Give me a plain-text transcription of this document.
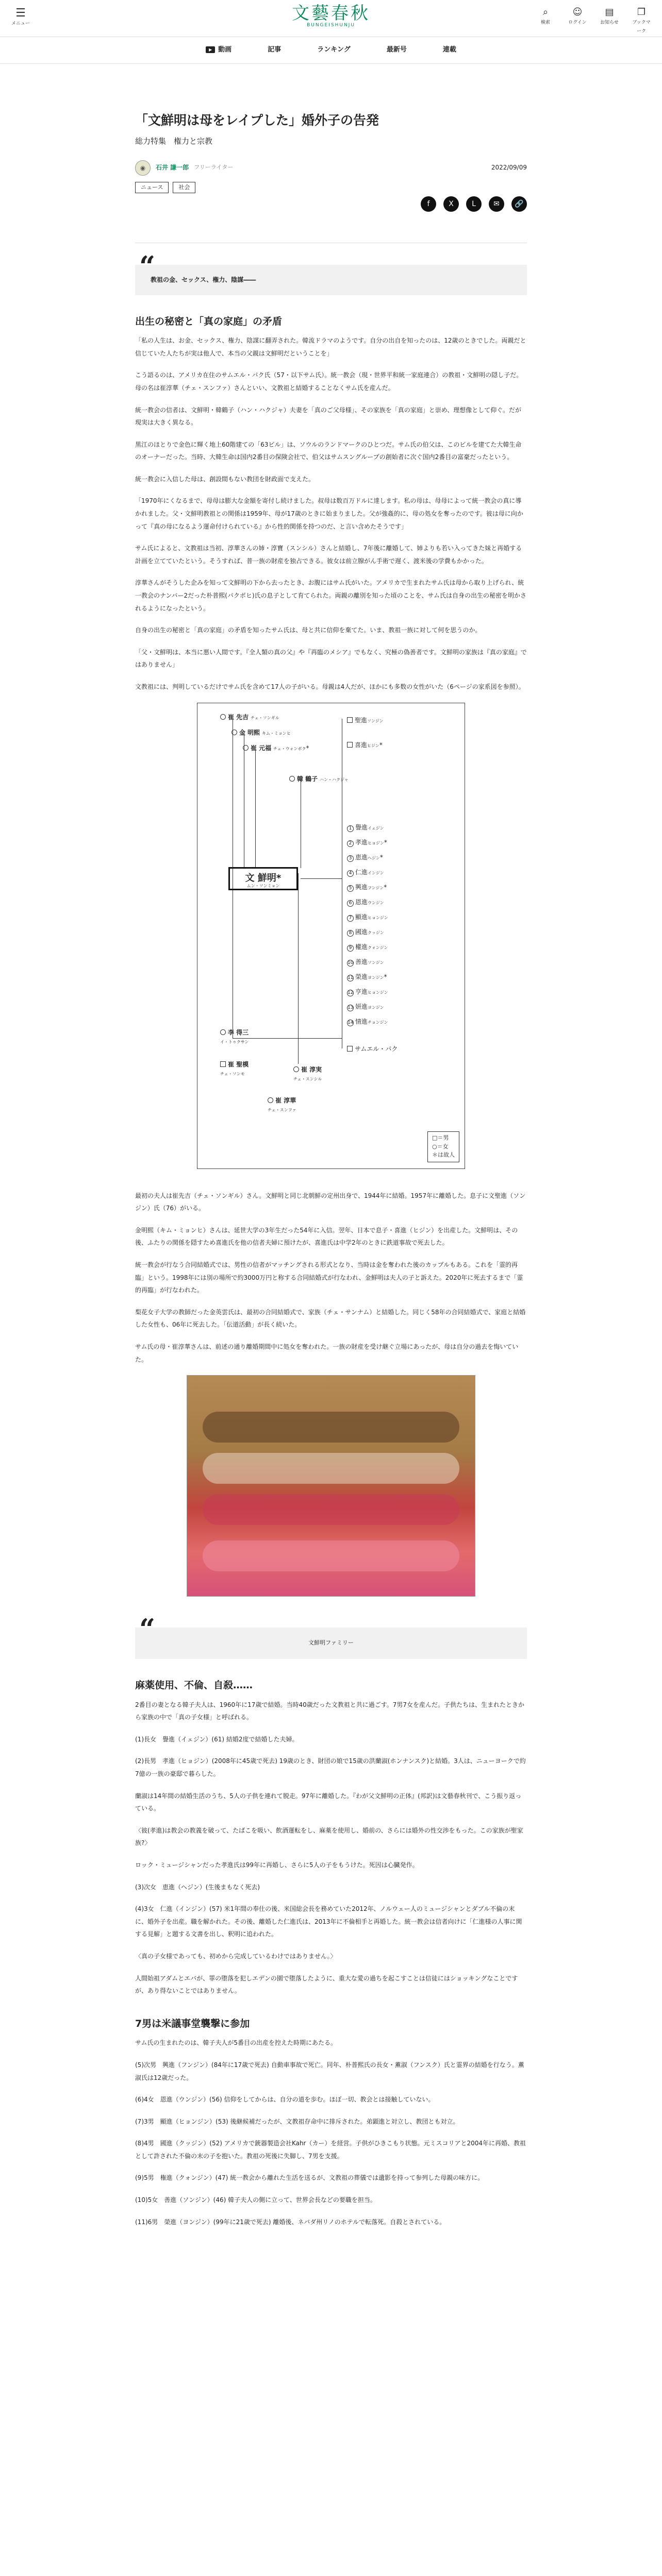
☰
メニュー	文藝春秋
BUNGEISHUNJU
⌕
検索
☺
ログイン
▤
お知らせ
❐
ブックマーク
▶ 動画	記事	ランキング	最新号	連載
「文鮮明は母をレイプした」婚外子の告発
総力特集　権力と宗教
◉	石井 謙一郎 フリーライター	2022/09/09
ニュース	社会
f	X	L	✉	🔗
“

教祖の金、セックス、権力、陰謀――

出生の秘密と「真の家庭」の矛盾

「私の人生は、お金、セックス、権力、陰謀に翻弄された。韓流ドラマのようです。自分の出自を知ったのは、12歳のときでした。両親だと信じていた人たちが実は他人で、本当の父親は文鮮明だということを」

こう語るのは、アメリカ在住のサムエル・パク氏（57・以下サム氏）。統一教会（現・世界平和統一家庭連合）の教祖・文鮮明の隠し子だ。母の名は崔淳華（チェ・スンファ）さんといい、文教祖と結婚することなくサム氏を産んだ。

統一教会の信者は、文鮮明・韓鶴子（ハン・ハクジャ）夫妻を「真のご父母様」、その家族を「真の家庭」と崇め、理想像として仰ぐ。だが現実は大きく異なる。

黒江のほとりで金色に輝く地上60階建ての「63ビル」は、ソウルのランドマークのひとつだ。サム氏の伯父は、このビルを建てた大韓生命のオーナーだった。当時、大韓生命は国内2番目の保険会社で、伯父はサムスングループの創始者に次ぐ国内2番目の富豪だったという。

統一教会に入信した母は、創設間もない教団を財政面で支えた。

「1970年にくなるまで、母母は膨大な金額を寄付し続けました。叔母は数百万ドルに達します。私の母は、母母によって統一教会の真に導かれました。父・文鮮明教祖との関係は1959年、母が17歳のときに始まりました。父が強姦的に、母の処女を奪ったのです。彼は母に向かって『真の母になるよう運命付けられている』から性的関係を持つのだ、と言い含めたそうです」

サム氏によると、文教祖は当初、淳華さんの姉・淳寶（スンシル）さんと結婚し、7年後に離婚して、姉よりも若い入ってきた妹と再婚する計画を立てていたという。そうすれば、普一族の財産を独占できる。彼女は前立腺がん手術で遅く、渡米後の学費もかかった。

淳華さんがそうした企みを知って文鮮明の下から去ったとき、お腹にはサム氏がいた。アメリカで生まれたサム氏は母から取り上げられ、統一教会のナンバー2だった朴普熙(パクボヒ)氏の息子として育てられた。両親の離別を知った頃のことを、サム氏は自身の出生の秘密を明かされるようになったという。

自身の出生の秘密と「真の家庭」の矛盾を知ったサム氏は、母と共に信仰を棄てた。いま、教祖一族に対して何を思うのか。

「父・文鮮明は、本当に悪い人間です。『全人類の真の父』や『再臨のメシア』でもなく、究極の偽善者です。文鮮明の家族は『真の家庭』ではありません」

文教祖には、判明しているだけでサム氏を含めて17人の子がいる。母親は4人だが、ほかにも多数の女性がいた（6ページの家系図を参照）。

崔 先吉 チェ・ソンギル
金 明熙 キム・ミョンヒ
崔 元福 チェ・ウォンボク*
韓 鶴子 ハン・ハクジャ
聖進ソンジン
喜進ヒジン*
文 鮮明*
ムン・ソンミョン
1 譽進イェジン
2 孝進ヒョジン*
3 恵進ヘジン*
4 仁進インジン
5 興進フンジン*
6 恩進ウンジン
7 顯進ヒョンジン
8 國進クッジン
9 權進クォンジン
10 善進ソンジン
11 榮進ヨンジン*
12 亨進ヒョンジン
13 妍進ヨンジン
14 情進チョンジン
サムエル・パク
李 得三
イ・トゥクサン
崔 聖模
チェ・ソンモ
崔 淳実
チェ・スンシル
崔 淳華
チェ・スンファ
□＝男
○＝女
＊は故人

最初の夫人は崔先吉（チェ・ソンギル）さん。文鮮明と同じ北朝鮮の定州出身で、1944年に結婚。1957年に離婚した。息子に文聖進（ソンジン）氏（76）がいる。

金明熙（キム・ミョンヒ）さんは、延世大学の3年生だった54年に入信。翌年、日本で息子・喜進（ヒジン）を出産した。文鮮明は、その後、ふたりの関係を隠すため喜進氏を他の信者夫婦に預けたが、喜進氏は中学2年のときに鉄道事故で死去した。

統一教会が行なう合同結婚式では、男性の信者がマッチングされる形式となり、当時は金を奪われた後のカップルもある。これを「霊的再臨」という。1998年には別の場所で約3000万円と称する合同結婚式が行なわれ、金鮮明は夫人の子と訴えた。2020年に死去するまで「霊的再臨」が行なわれた。

梨花女子大学の教師だった金英雲氏は、最初の合同結婚式で、家族（チェ・サンナム）と結婚した。同じく58年の合同結婚式で、家庭と結婚した女性も、06年に死去した。「伝道活動」が長く続いた。

サム氏の母・崔淳華さんは、前述の通り離婚期間中に処女を奪われた。一族の財産を受け継ぐ立場にあったが、母は自分の過去を悔いていた。

“	文鮮明ファミリー
麻薬使用、不倫、自殺……

2番目の妻となる韓子夫人は、1960年に17歳で結婚。当時40歳だった文教祖と共に過ごす。7男7女を産んだ。子供たちは、生まれたときから家族の中で「真の子女様」と呼ばれる。

(1)長女　譽進（イェジン）(61) 結婚2度で結婚した夫婦。

(2)長男　孝進（ヒョジン）(2008年に45歳で死去) 19歳のとき、財団の娘で15歳の洪蘭淑(ホンナンスク)と結婚。3人は、ニューヨークで約7億の一族の豪邸で暮らした。

蘭淑は14年間の結婚生活のうち、5人の子供を連れて脱走。97年に離婚した。『わが父文鮮明の正体』(邦訳)は文藝春秋刊で、こう振り返っている。

〈彼(孝進)は教会の教義を破って、たばこを吸い、飲酒運転をし、麻薬を使用し、婚前の、さらには婚外の性交渉をもった。この家族が聖家族?〉

ロック・ミュージシャンだった孝進氏は99年に再婚し、さらに5人の子をもうけた。死因は心臓発作。

(3)次女　恵進（ヘジン）(生後まもなく死去)

(4)3女　仁進（インジン）(57) 米1年間の奉仕の後、米国総会長を務めていた2012年、ノルウェー人のミュージシャンとダブル不倫の末に、婚外子を出産。職を解かれた。その後、離婚した仁進氏は、2013年に不倫相手と再婚した。統一教会は信者向けに「仁進様の人事に関する見解」と題する文書を出し、釈明に追われた。

〈真の子女様であっても、初めから完成しているわけではありません。〉

人間始祖アダムとエバが、罪の堕落を犯しエデンの園で堕落したように、重大な愛の過ちを起こすことは信徒にはショッキングなことですが、あり得ないことではありません。

7男は米議事堂襲撃に参加

サム氏の生まれたのは、韓子夫人が5番目の出産を控えた時期にあたる。

(5)次男　興進（フンジン）(84年に17歳で死去) 自動車事故で死亡。同年、朴普熙氏の長女・薫淑（フンスク）氏と霊界の結婚を行なう。薫淑氏は12歳だった。

(6)4女　恩進（ウンジン）(56) 信仰をしてからは、自分の道を歩む。ほぼ一切、教会とは接触していない。

(7)3男　顯進（ヒョンジン）(53) 後継候補だったが、文教祖存命中に排斥された。弟顕進と対立し、教団とも対立。

(8)4男　國進（クッジン）(52) アメリカで銃器製造会社Kahr（カー）を経営。子供がひきこもり状態。元ミスコリアと2004年に再婚、教祖として許された不倫の末の子を抱いた。教祖の死後に失脚し、7男を支援。

(9)5男　権進（クォンジン）(47) 統一教会から離れた生活を送るが、文教祖の葬儀では遺影を持って参列した母親の味方に。

(10)5女　善進（ソンジン）(46) 韓子夫人の側に立って、世界会長などの要職を担当。

(11)6男　榮進（ヨンジン）(99年に21歳で死去) 離婚後、ネバダ州リノのホテルで転落死。自殺とされている。
